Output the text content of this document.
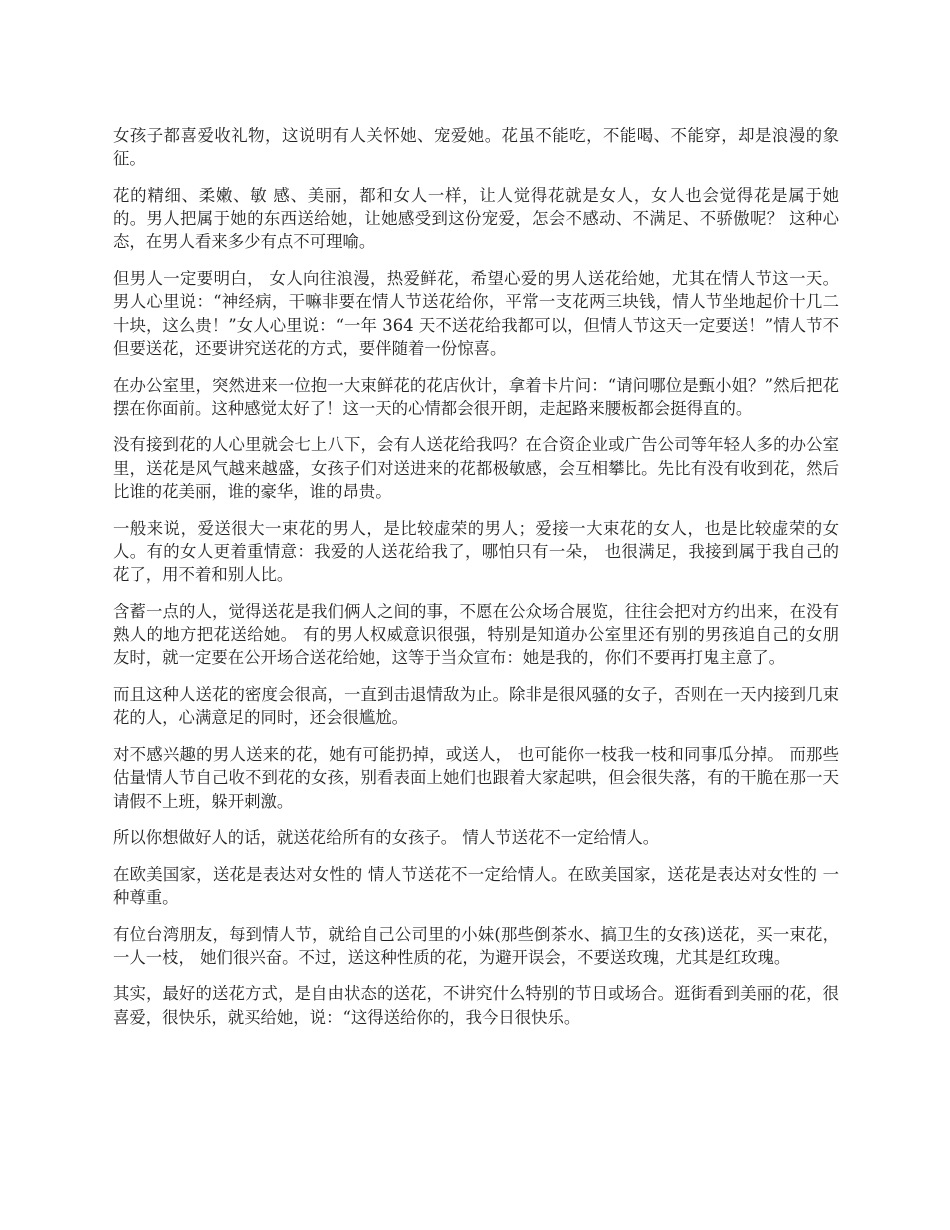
女孩子都喜爱收礼物，这说明有人关怀她、宠爱她。花虽不能吃，不能喝、不能穿，却是浪漫的象征。

花的精细、柔嫩、敏 感、美丽，都和女人一样，让人觉得花就是女人，女人也会觉得花是属于她的。男人把属于她的东西送给她，让她感受到这份宠爱，怎会不感动、不满足、不骄傲呢？ 这种心态，在男人看来多少有点不可理喻。

但男人一定要明白， 女人向往浪漫，热爱鲜花，希望心爱的男人送花给她，尤其在情人节这一天。男人心里说：“神经病，干嘛非要在情人节送花给你，平常一支花两三块钱，情人节坐地起价十几二十块，这么贵！”女人心里说：“一年 364 天不送花给我都可以，但情人节这天一定要送！”情人节不但要送花，还要讲究送花的方式，要伴随着一份惊喜。

在办公室里，突然进来一位抱一大束鲜花的花店伙计，拿着卡片问：“请问哪位是甄小姐？”然后把花摆在你面前。这种感觉太好了！这一天的心情都会很开朗，走起路来腰板都会挺得直的。

没有接到花的人心里就会七上八下，会有人送花给我吗？在合资企业或广告公司等年轻人多的办公室里，送花是风气越来越盛，女孩子们对送进来的花都极敏感，会互相攀比。先比有没有收到花，然后比谁的花美丽，谁的豪华，谁的昂贵。

一般来说，爱送很大一束花的男人，是比较虚荣的男人；爱接一大束花的女人，也是比较虚荣的女人。有的女人更着重情意：我爱的人送花给我了，哪怕只有一朵， 也很满足，我接到属于我自己的花了，用不着和别人比。

含蓄一点的人，觉得送花是我们俩人之间的事，不愿在公众场合展览，往往会把对方约出来，在没有熟人的地方把花送给她。 有的男人权威意识很强，特别是知道办公室里还有别的男孩追自己的女朋友时，就一定要在公开场合送花给她，这等于当众宣布：她是我的，你们不要再打鬼主意了。

而且这种人送花的密度会很高，一直到击退情敌为止。除非是很风骚的女子，否则在一天内接到几束花的人，心满意足的同时，还会很尴尬。

对不感兴趣的男人送来的花，她有可能扔掉，或送人， 也可能你一枝我一枝和同事瓜分掉。 而那些估量情人节自己收不到花的女孩，别看表面上她们也跟着大家起哄，但会很失落，有的干脆在那一天请假不上班，躲开刺激。

所以你想做好人的话，就送花给所有的女孩子。 情人节送花不一定给情人。

在欧美国家，送花是表达对女性的 情人节送花不一定给情人。在欧美国家，送花是表达对女性的 一种尊重。

有位台湾朋友，每到情人节，就给自己公司里的小妹(那些倒茶水、搞卫生的女孩)送花，买一束花，一人一枝， 她们很兴奋。不过，送这种性质的花，为避开误会，不要送玫瑰，尤其是红玫瑰。

其实，最好的送花方式，是自由状态的送花，不讲究什么特别的节日或场合。逛街看到美丽的花，很喜爱，很快乐，就买给她，说：“这得送给你的，我今日很快乐。
